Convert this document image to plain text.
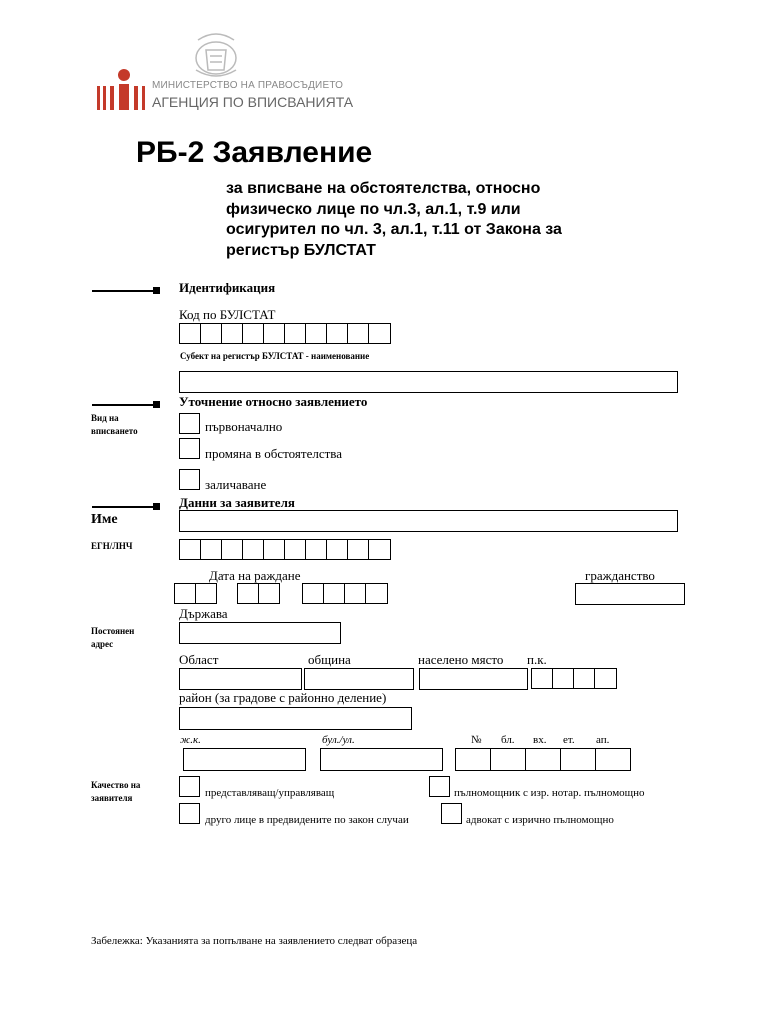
МИНИСТЕРСТВО НА ПРАВОСЪДИЕТО
АГЕНЦИЯ ПО ВПИСВАНИЯТА
РБ-2 Заявление
за вписване на обстоятелства, относно
физическо лице по чл.3, ал.1, т.9 или
осигурител по чл. 3, ал.1, т.11 от Закона за
регистър БУЛСТАТ
Идентификация
Код по БУЛСТАТ
Субект на регистър БУЛСТАТ - наименование
Вид на
вписването
Уточнение относно заявлението
първоначално
промяна в обстоятелства
заличаване
Данни за заявителя
Име
ЕГН/ЛНЧ
Дата на раждане	гражданство
Държава
Постоянен
адрес
Област	община	населено място п.к.
район (за градове с районно деление)
ж.к.	бул./ул.	№ бл. вх. ет. ап.
Качество на
заявителя	представляващ/управляващ	пълномощник с изр. нотар. пълномощно
друго лице в предвидените по закон случаи	адвокат с изрично пълномощно
Забележка: Указанията за попълване на заявлението следват образеца
